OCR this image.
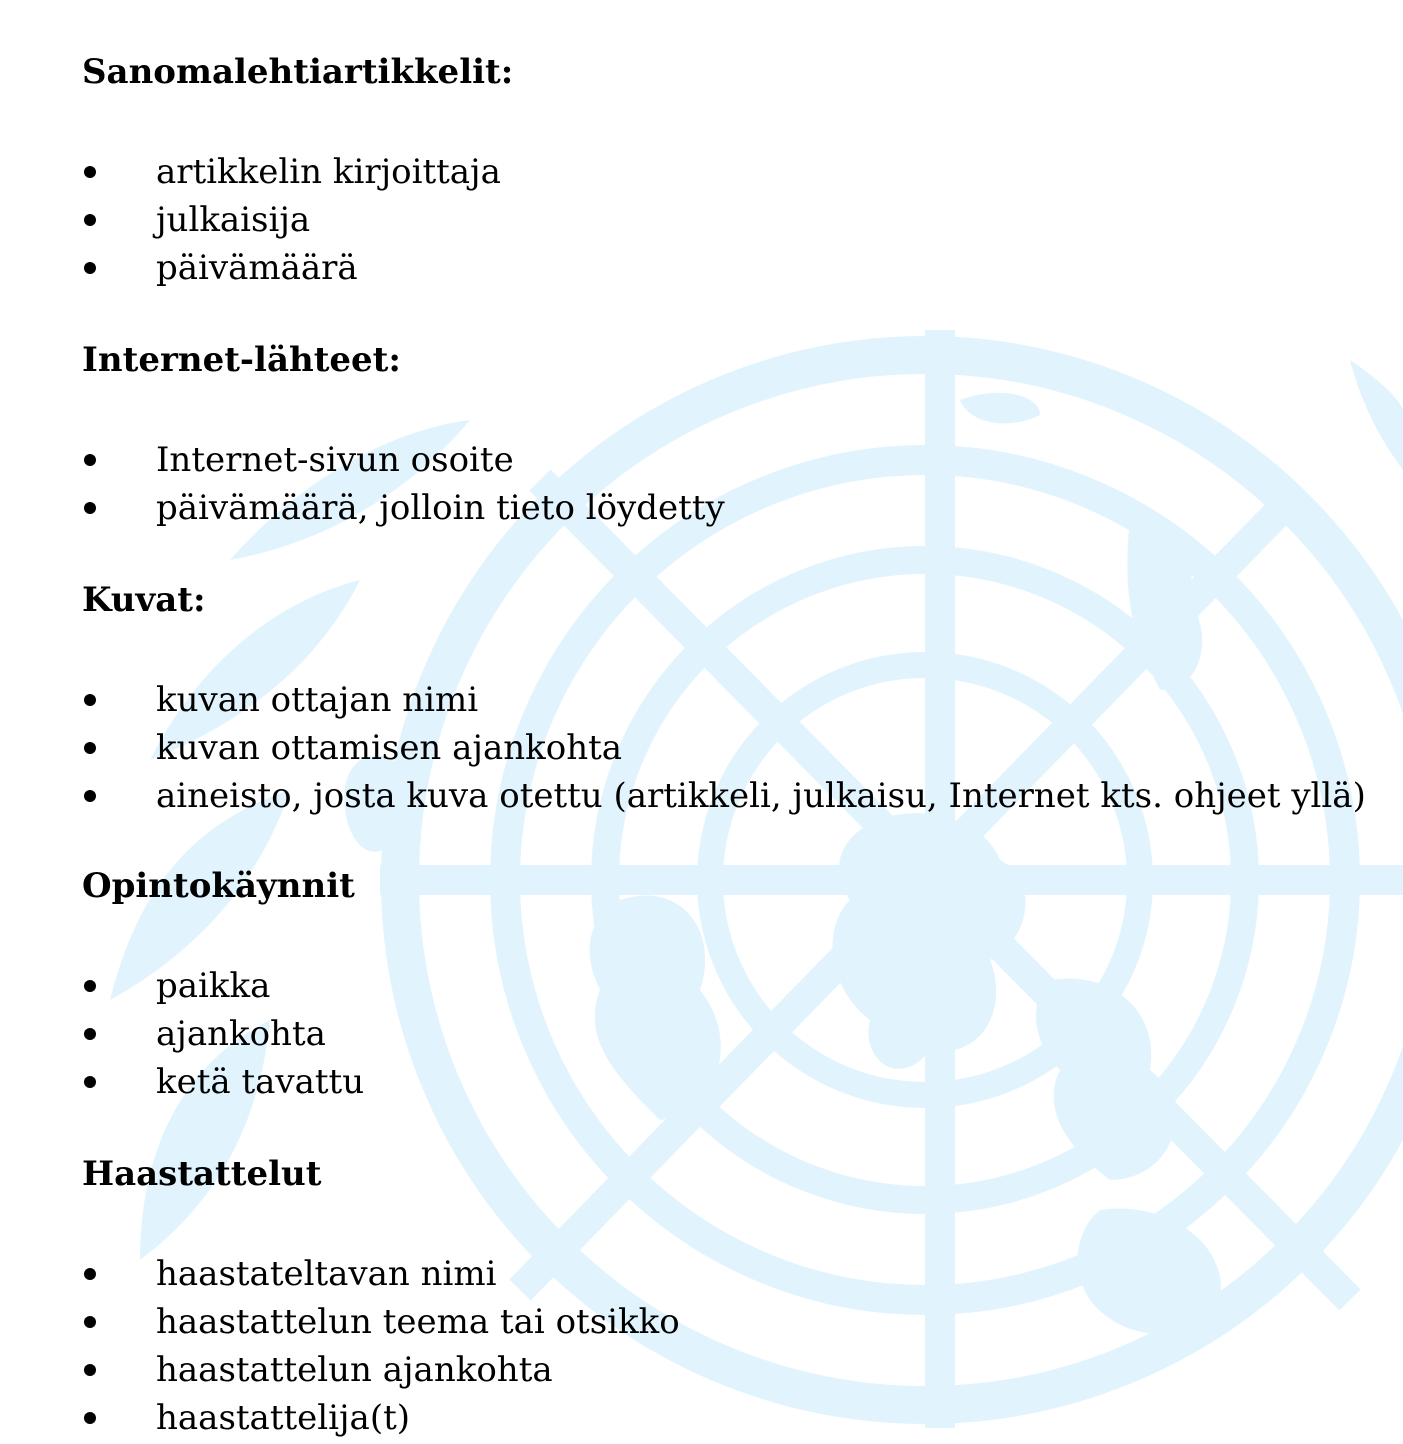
Sanomalehtiartikkelit:
artikkelin kirjoittaja
julkaisija
päivämäärä
Internet-lähteet:
Internet-sivun osoite
päivämäärä, jolloin tieto löydetty
Kuvat:
kuvan ottajan nimi
kuvan ottamisen ajankohta
aineisto, josta kuva otettu (artikkeli, julkaisu, Internet kts. ohjeet yllä)
Opintokäynnit
paikka
ajankohta
ketä tavattu
Haastattelut
haastateltavan nimi
haastattelun teema tai otsikko
haastattelun ajankohta
haastattelija(t)
